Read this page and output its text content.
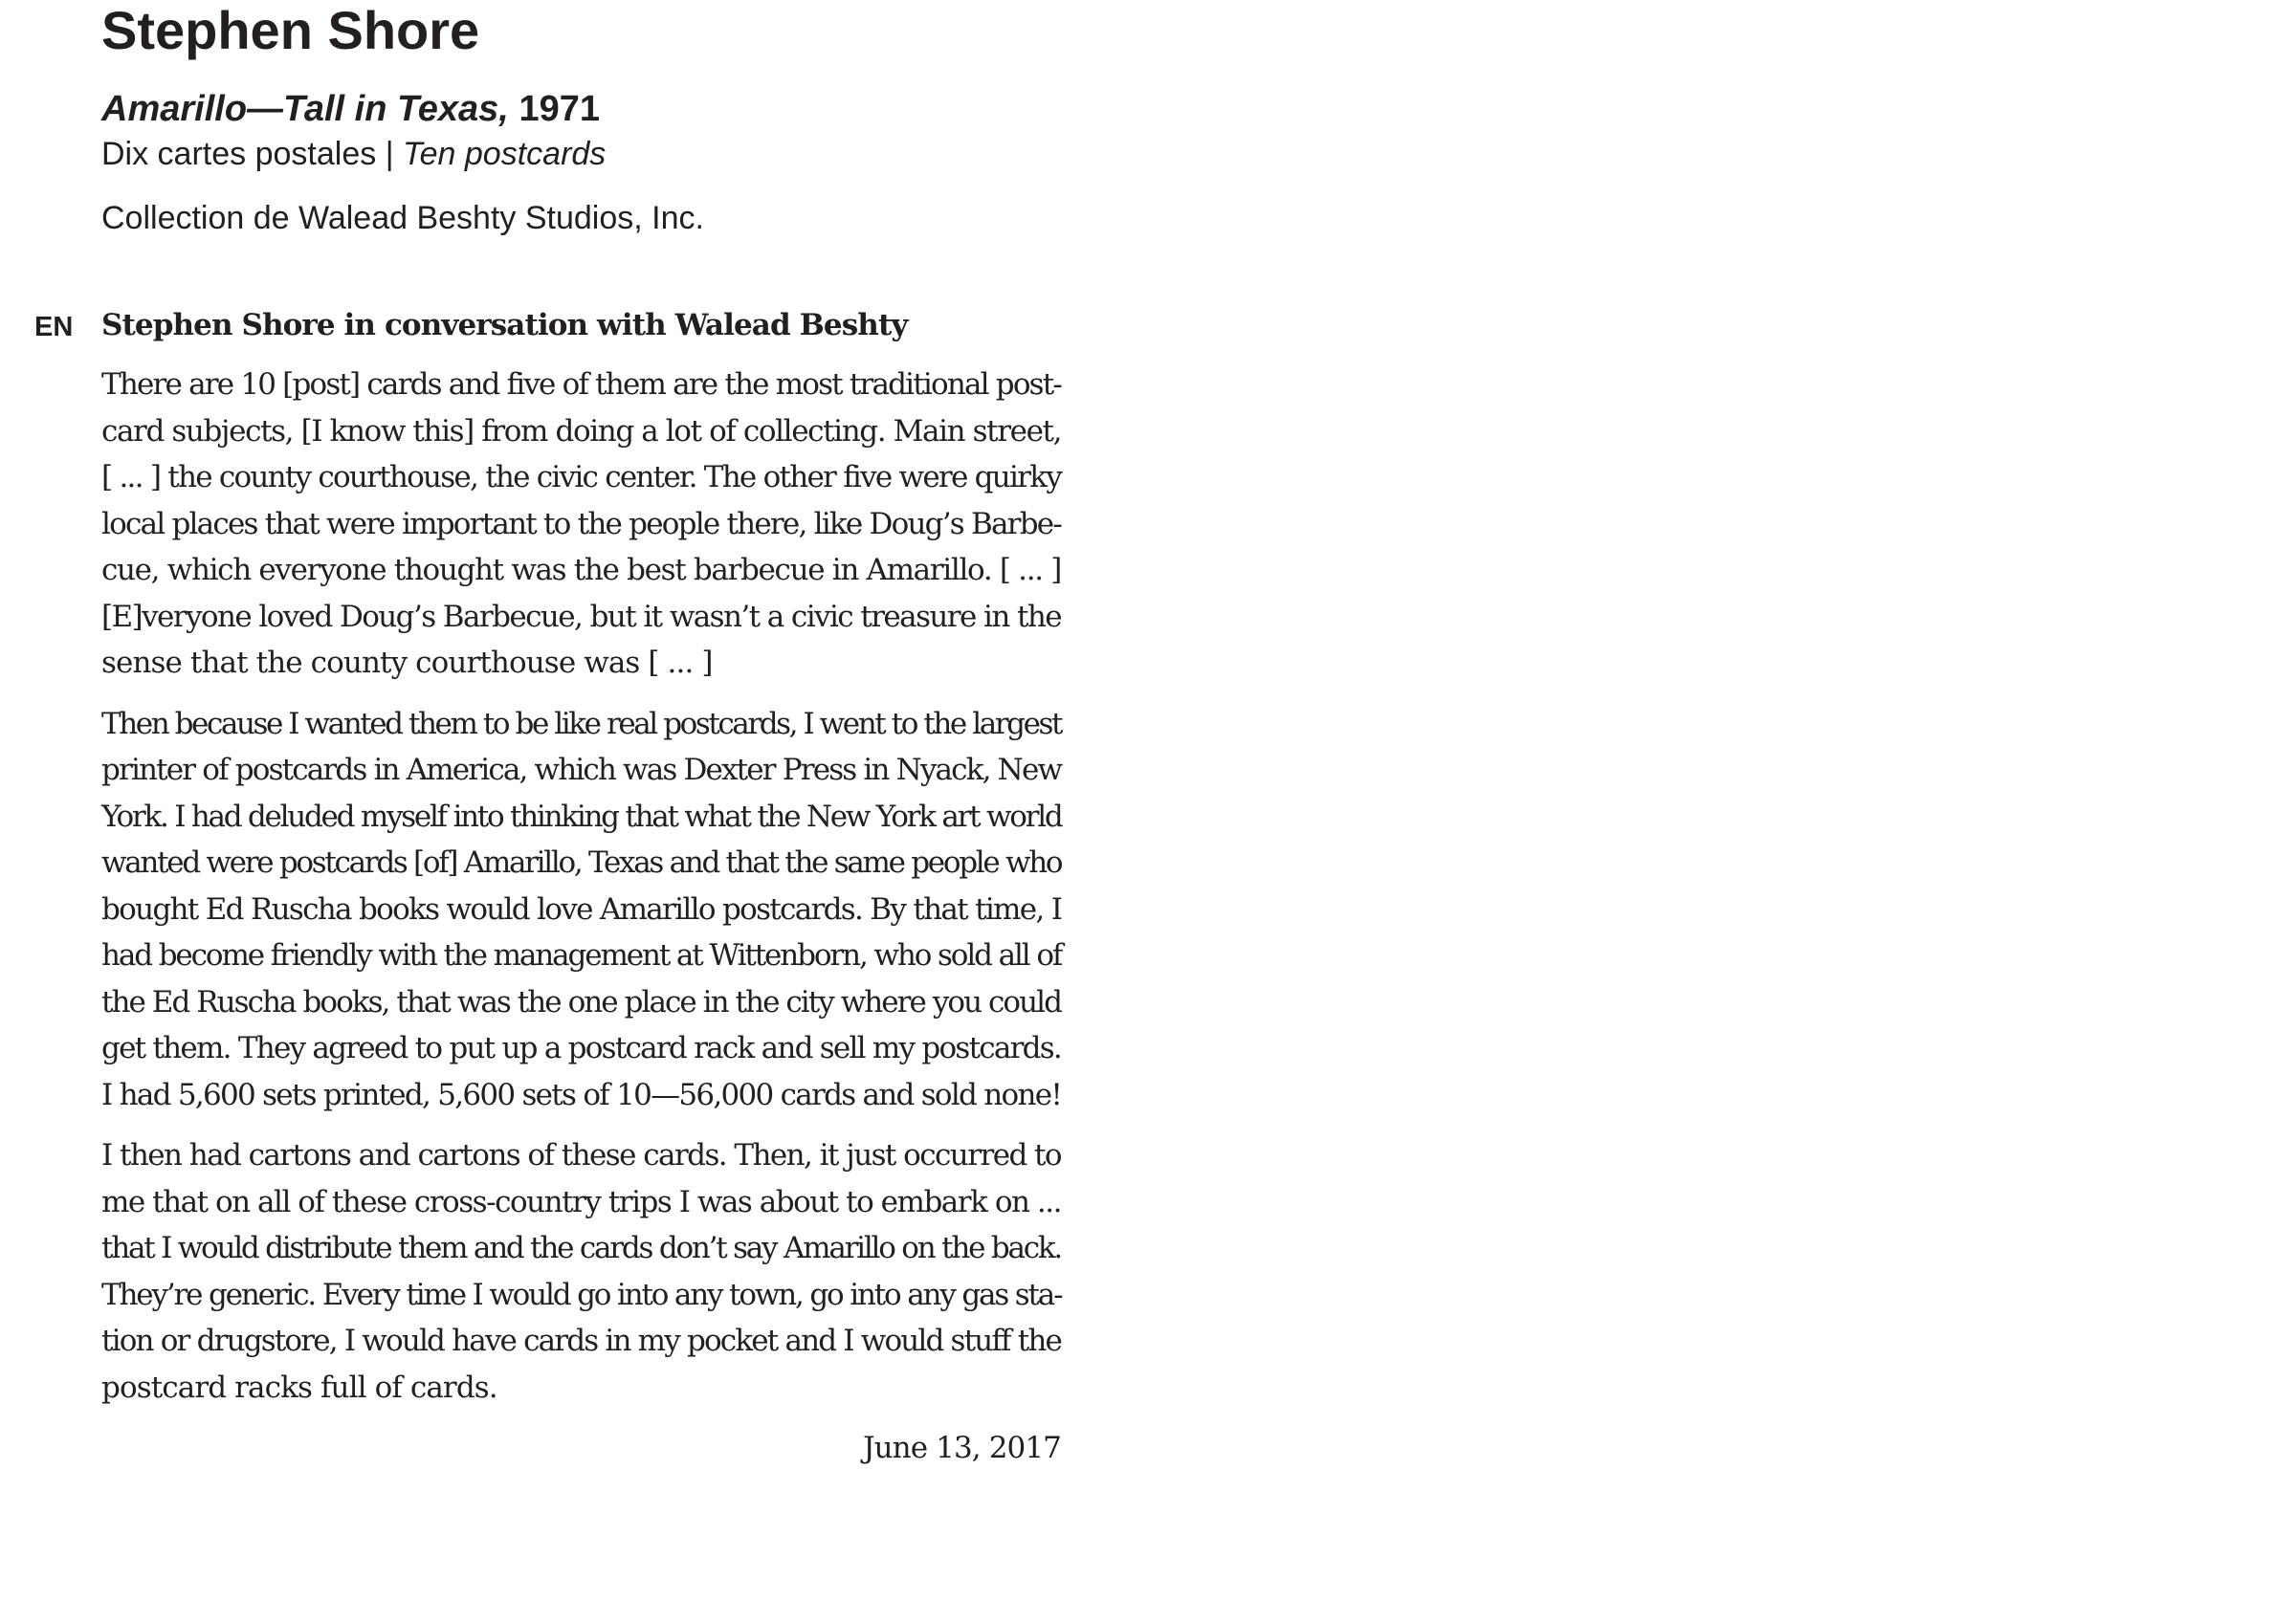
Stephen Shore
Amarillo—Tall in Texas, 1971
Dix cartes postales | Ten postcards
Collection de Walead Beshty Studios, Inc.
EN Stephen Shore in conversation with Walead Beshty
There are 10 [post] cards and five of them are the most traditional post-
card subjects, [I know this] from doing a lot of collecting. Main street,
[ ... ] the county courthouse, the civic center. The other five were quirky
local places that were important to the people there, like Doug’s Barbe-
cue, which everyone thought was the best barbecue in Amarillo. [ ... ]
[E]veryone loved Doug’s Barbecue, but it wasn’t a civic treasure in the
sense that the county courthouse was [ ... ]
Then because I wanted them to be like real postcards, I went to the largest
printer of postcards in America, which was Dexter Press in Nyack, New
York. I had deluded myself into thinking that what the New York art world
wanted were postcards [of] Amarillo, Texas and that the same people who
bought Ed Ruscha books would love Amarillo postcards. By that time, I
had become friendly with the management at Wittenborn, who sold all of
the Ed Ruscha books, that was the one place in the city where you could
get them. They agreed to put up a postcard rack and sell my postcards.
I had 5,600 sets printed, 5,600 sets of 10—56,000 cards and sold none!
I then had cartons and cartons of these cards. Then, it just occurred to
me that on all of these cross-country trips I was about to embark on ...
that I would distribute them and the cards don’t say Amarillo on the back.
They’re generic. Every time I would go into any town, go into any gas sta-
tion or drugstore, I would have cards in my pocket and I would stuff the
postcard racks full of cards.
June 13, 2017
